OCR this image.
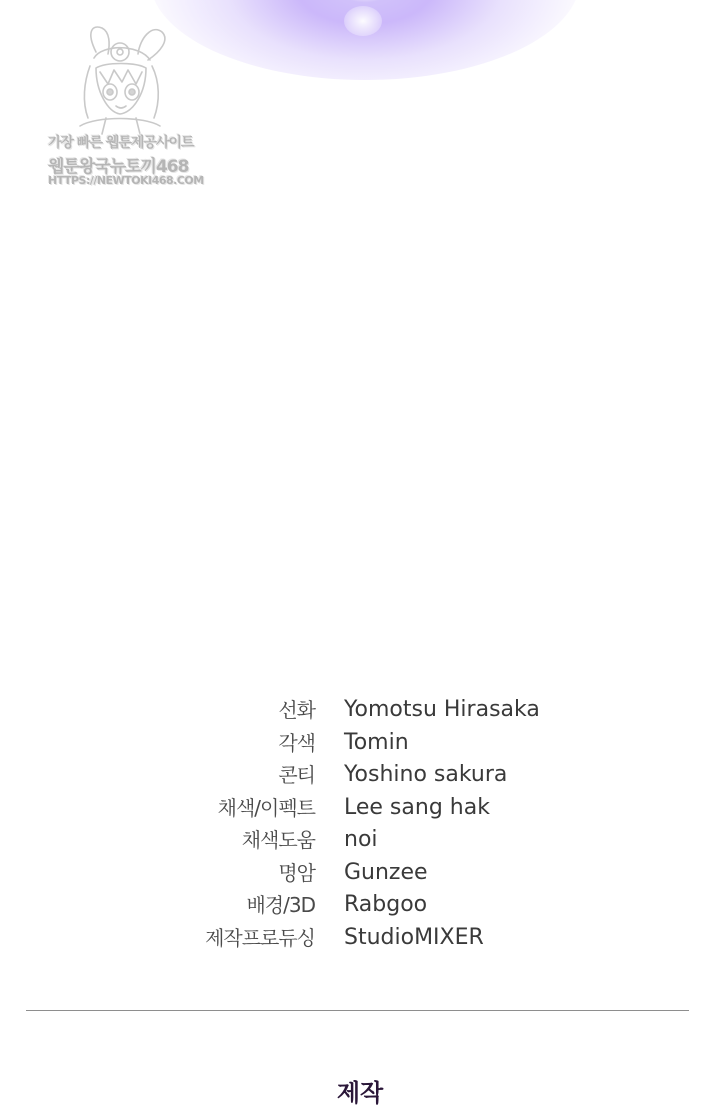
가장 빠른 웹툰제공사이트
웹툰왕국뉴토끼468
HTTPS://NEWTOKI468.COM
선화 Yomotsu Hirasaka
각색 Tomin
콘티 Yoshino sakura
채색/이펙트 Lee sang hak
채색도움 noi
명암 Gunzee
배경/3D Rabgoo
제작프로듀싱 StudioMIXER
제작
